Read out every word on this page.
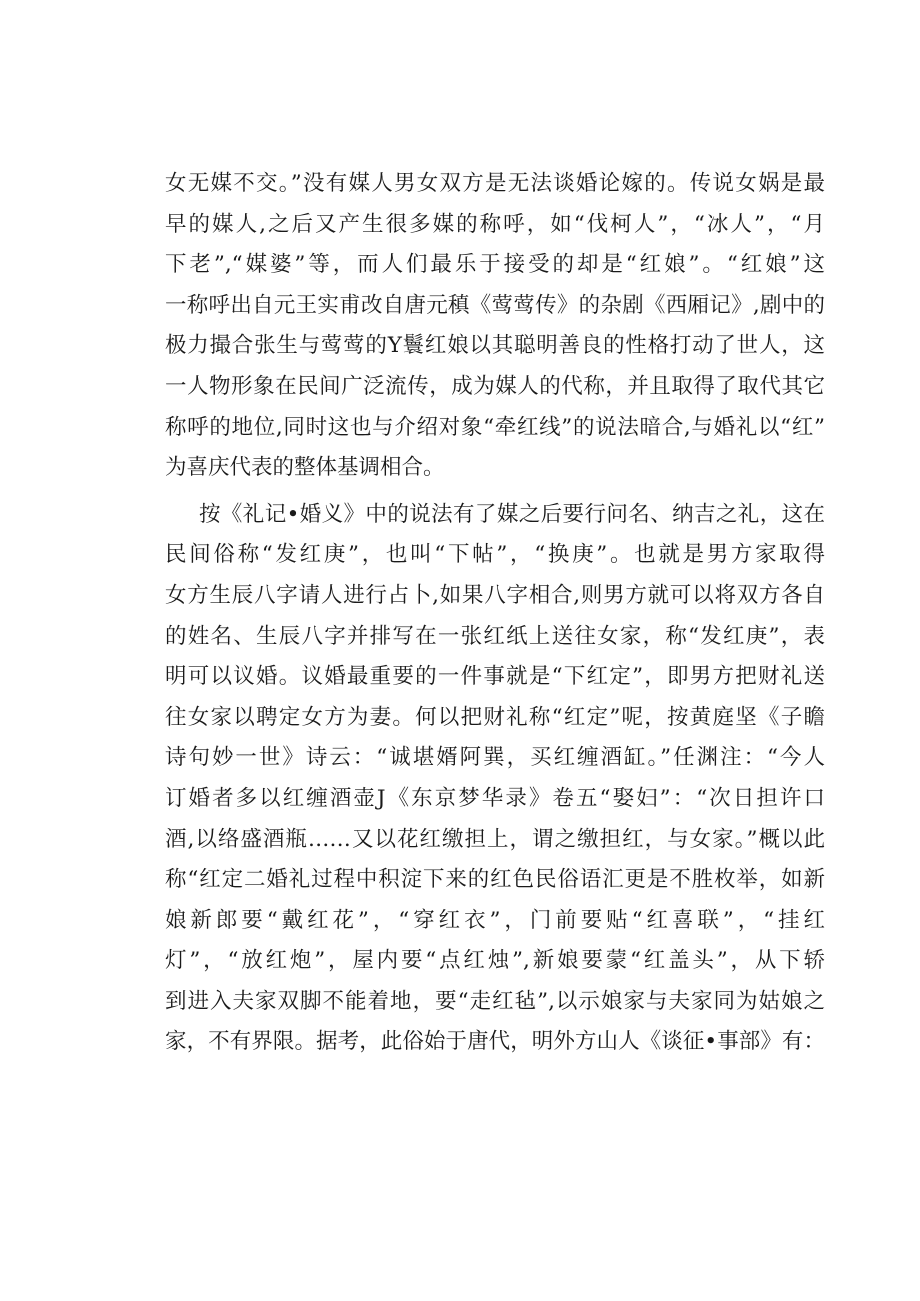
女无媒不交。”没有媒人男女双方是无法谈婚论嫁的。传说女娲是最
早的媒人,之后又产生很多媒的称呼，如“伐柯人”，“冰人”，“月
下老”,“媒婆”等，而人们最乐于接受的却是“红娘”。“红娘”这
一称呼出自元王实甫改自唐元稹《莺莺传》的杂剧《西厢记》,剧中的
极力撮合张生与莺莺的Y鬟红娘以其聪明善良的性格打动了世人，这
一人物形象在民间广泛流传，成为媒人的代称，并且取得了取代其它
称呼的地位,同时这也与介绍对象“牵红线”的说法暗合,与婚礼以“红”
为喜庆代表的整体基调相合。
按《礼记•婚义》中的说法有了媒之后要行问名、纳吉之礼，这在
民间俗称“发红庚”，也叫“下帖”，“换庚”。也就是男方家取得
女方生辰八字请人进行占卜,如果八字相合,则男方就可以将双方各自
的姓名、生辰八字并排写在一张红纸上送往女家，称“发红庚”，表
明可以议婚。议婚最重要的一件事就是“下红定”，即男方把财礼送
往女家以聘定女方为妻。何以把财礼称“红定”呢，按黄庭坚《子瞻
诗句妙一世》诗云：“诚堪婿阿巽，买红缠酒缸。”任渊注：“今人
订婚者多以红缠酒壶J《东京梦华录》卷五“娶妇”：“次日担许口
酒,以络盛酒瓶……又以花红缴担上，谓之缴担红，与女家。”概以此
称“红定二婚礼过程中积淀下来的红色民俗语汇更是不胜枚举，如新
娘新郎要“戴红花”，“穿红衣”，门前要贴“红喜联”，“挂红
灯”，“放红炮”，屋内要“点红烛”,新娘要蒙“红盖头”，从下轿
到进入夫家双脚不能着地，要“走红毡”,以示娘家与夫家同为姑娘之
家，不有界限。据考，此俗始于唐代，明外方山人《谈征•事部》有：
